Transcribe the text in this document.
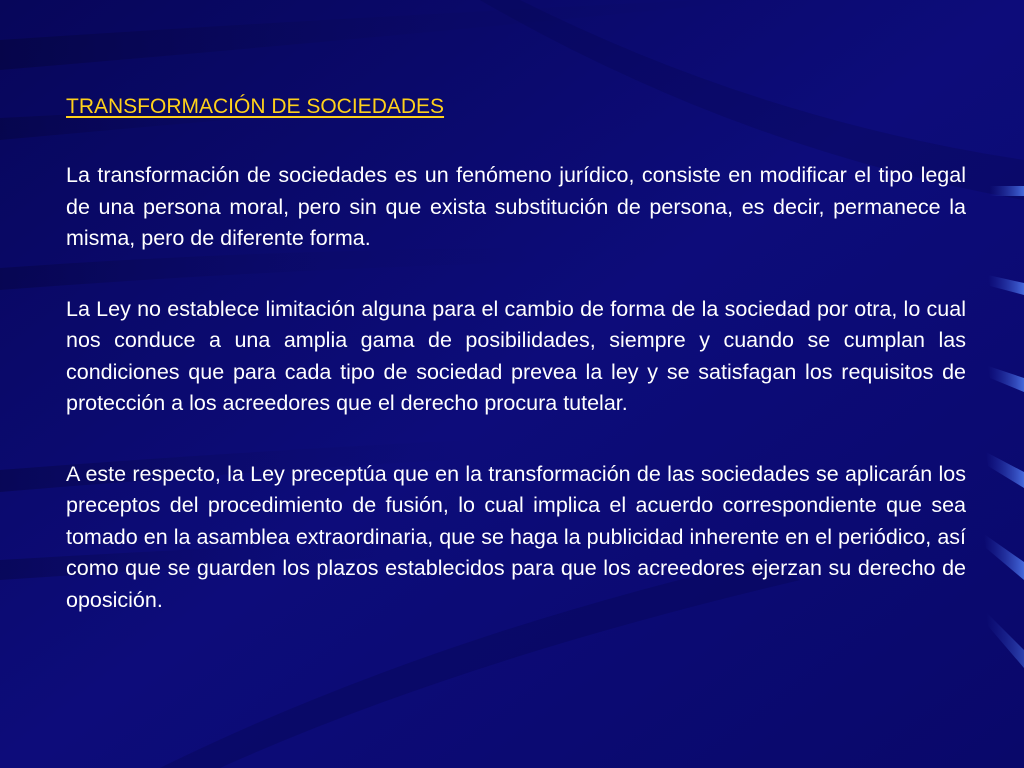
TRANSFORMACIÓN DE SOCIEDADES

La transformación de sociedades es un fenómeno jurídico, consiste en modificar el tipo legal de una persona moral, pero sin que exista substitución de persona, es decir, permanece la misma, pero de diferente forma.

La Ley no establece limitación alguna para el cambio de forma de la sociedad por otra, lo cual nos conduce a una amplia gama de posibilidades, siempre y cuando se cumplan las condiciones que para cada tipo de sociedad prevea la ley y se satisfagan los requisitos de protección a los acreedores que el derecho procura tutelar.

A este respecto, la Ley preceptúa que en la transformación de las sociedades se aplicarán los preceptos del procedimiento de fusión, lo cual implica el acuerdo correspondiente que sea tomado en la asamblea extraordinaria, que se haga la publicidad inherente en el periódico, así como que se guarden los plazos establecidos para que los acreedores ejerzan su derecho de oposición.
